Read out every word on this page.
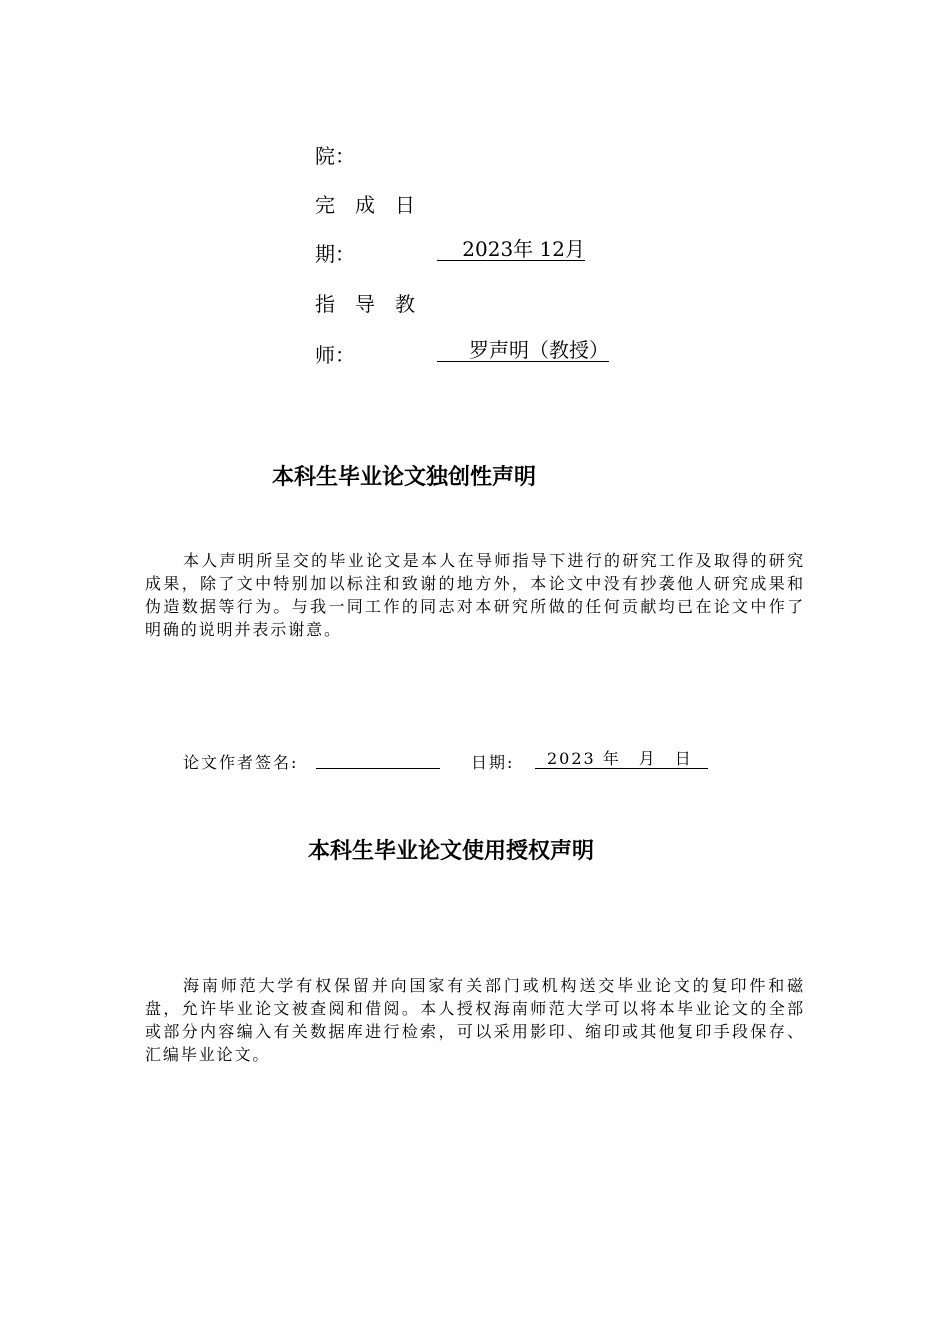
院：
完　成　日
期：	2023年 12月
指　导　教
师：	罗声明（教授）
本科生毕业论文独创性声明
本人声明所呈交的毕业论文是本人在导师指导下进行的研究工作及取得的研究成果，除了文中特别加以标注和致谢的地方外，本论文中没有抄袭他人研究成果和伪造数据等行为。与我一同工作的同志对本研究所做的任何贡献均已在论文中作了明确的说明并表示谢意。
论文作者签名:	日期:	2023 年　月　日
本科生毕业论文使用授权声明
海南师范大学有权保留并向国家有关部门或机构送交毕业论文的复印件和磁盘，允许毕业论文被查阅和借阅。本人授权海南师范大学可以将本毕业论文的全部或部分内容编入有关数据库进行检索，可以采用影印、缩印或其他复印手段保存、汇编毕业论文。
